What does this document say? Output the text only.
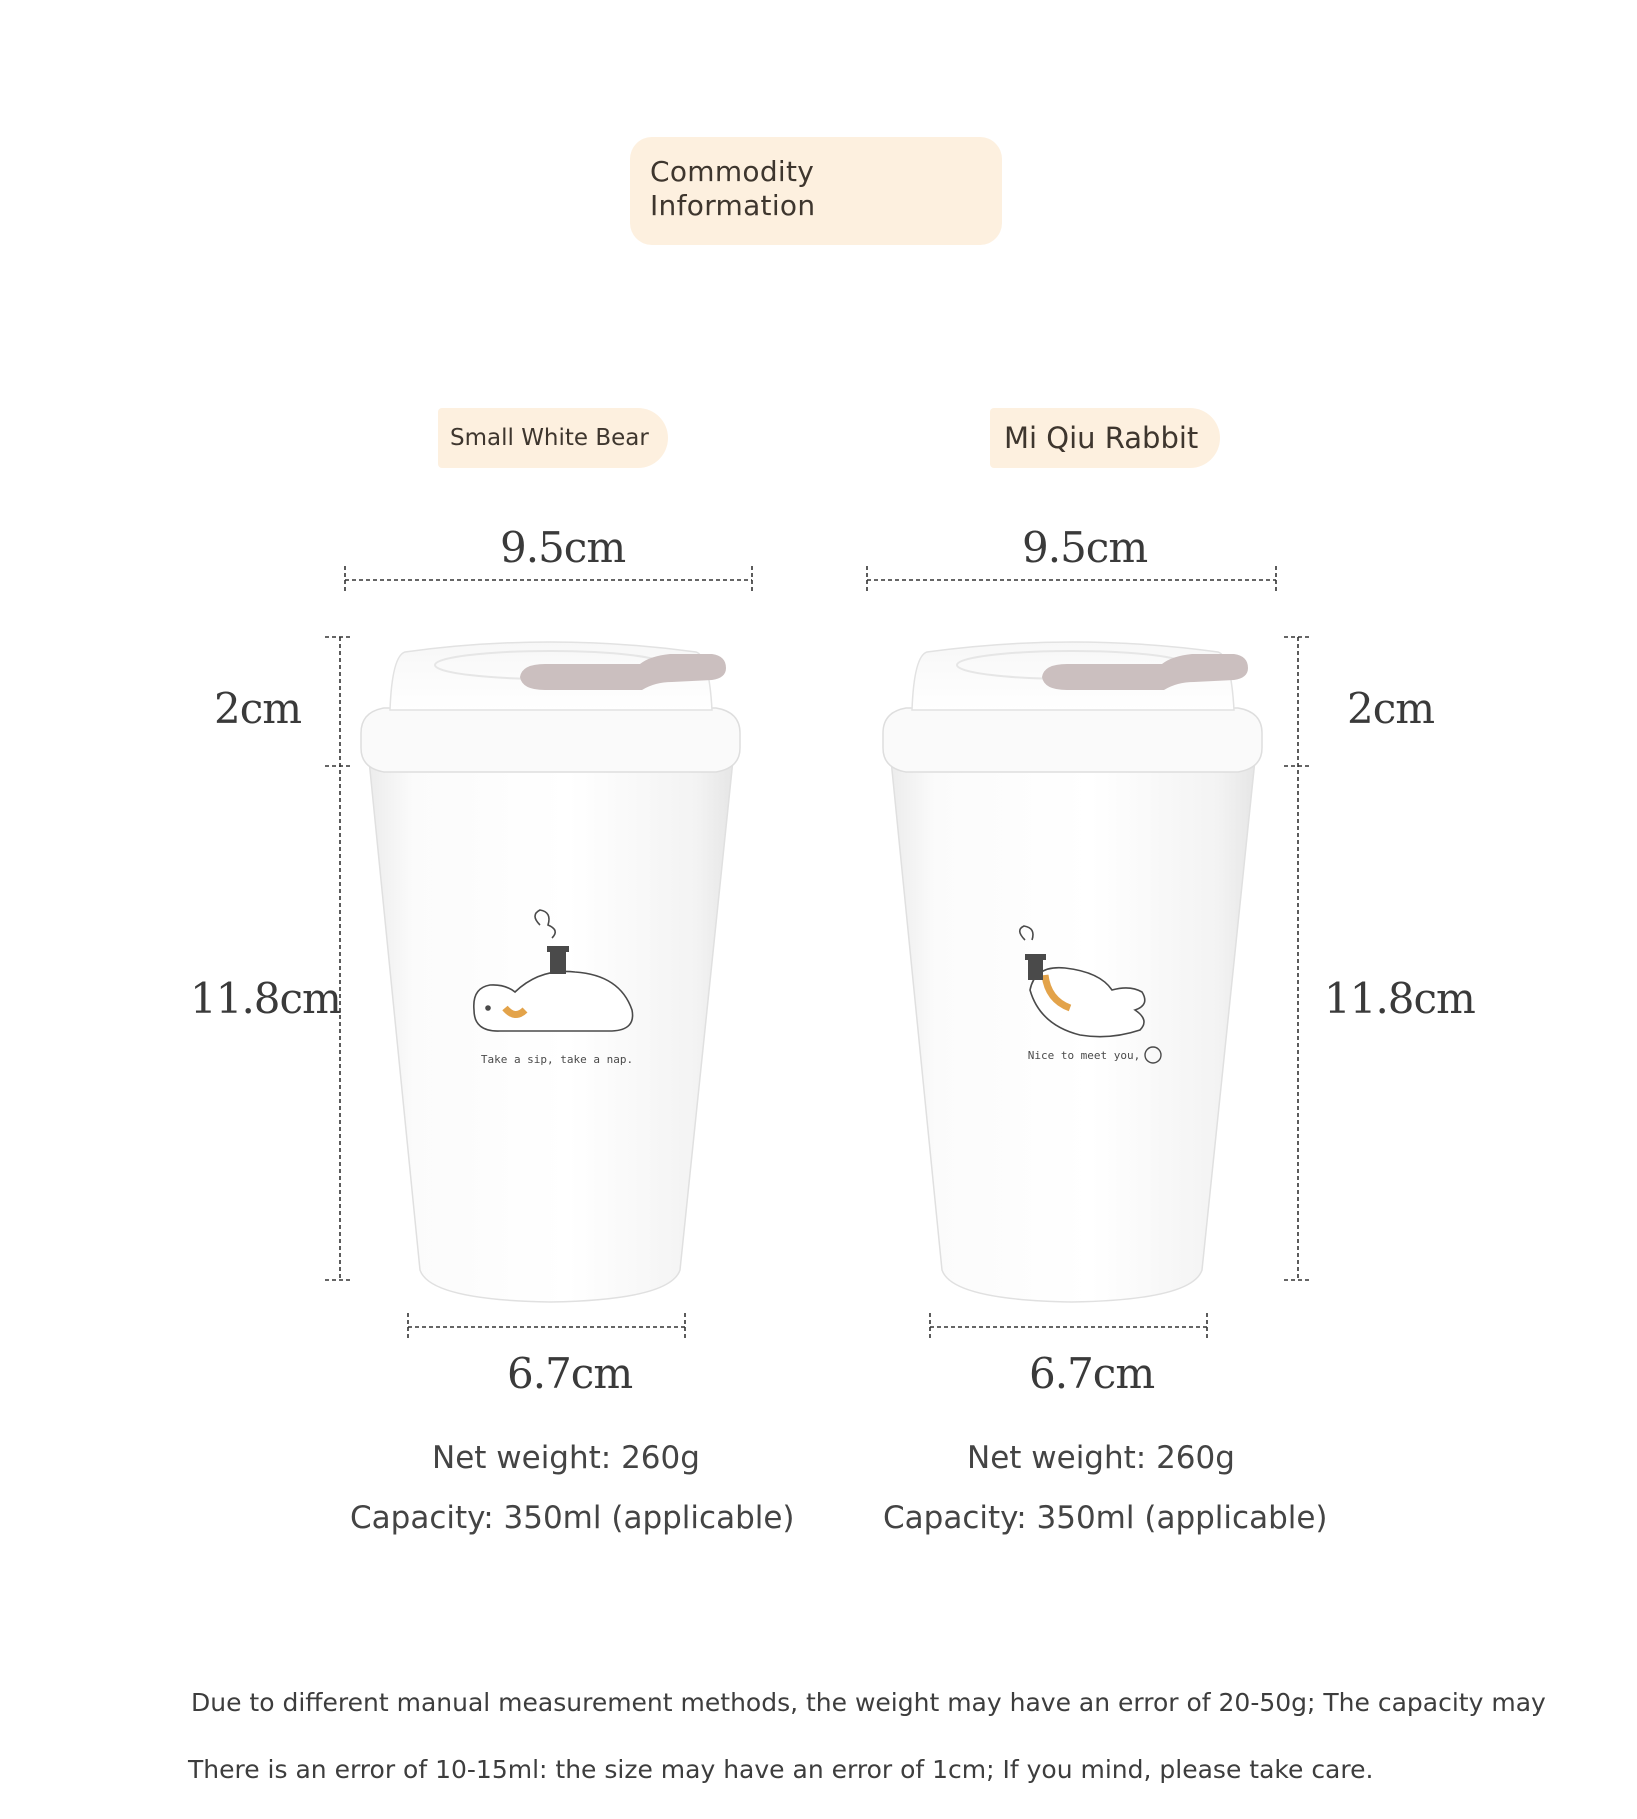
Commodity
Information
Small White Bear	Mi Qiu Rabbit
Take a sip, take a nap.	Nice to meet you,
9.5cm	9.5cm
2cm	2cm
11.8cm	11.8cm
6.7cm	6.7cm
Net weight: 260g
Capacity: 350ml (applicable)
Net weight: 260g
Capacity: 350ml (applicable)
Due to different manual measurement methods, the weight may have an error of 20-50g; The capacity may
There is an error of 10-15ml: the size may have an error of 1cm; If you mind, please take care.
